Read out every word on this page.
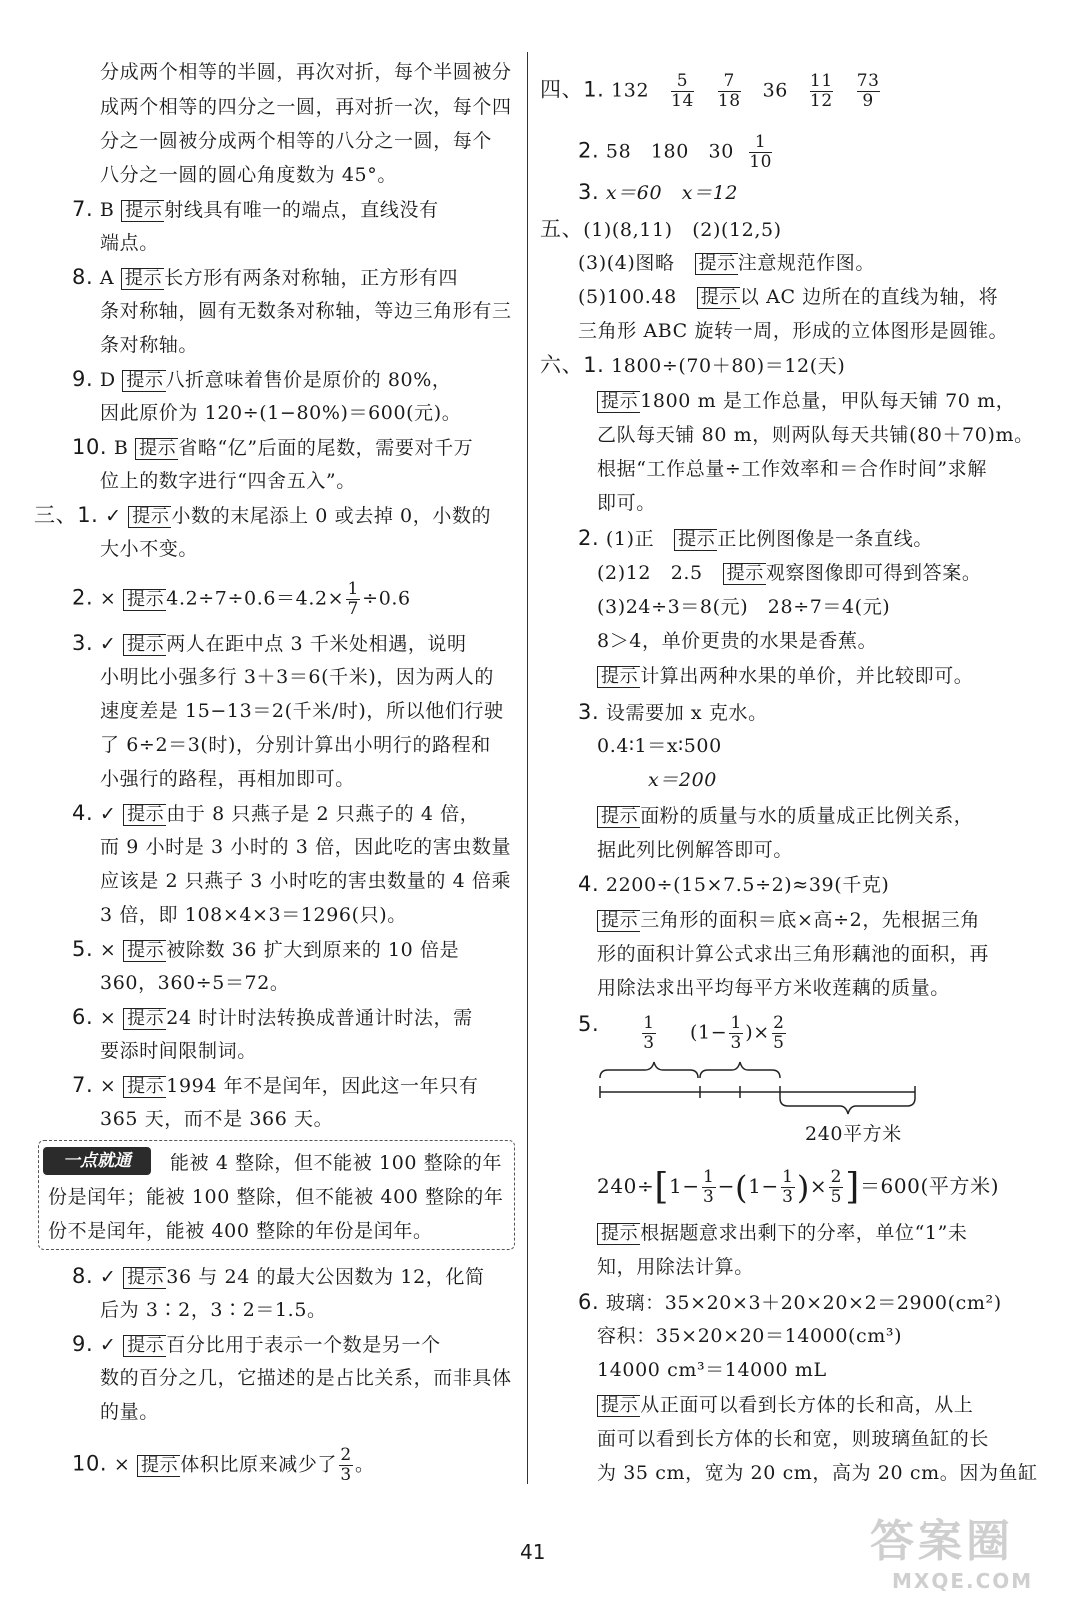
分成两个相等的半圆，再次对折，每个半圆被分
成两个相等的四分之一圆，再对折一次，每个四
分之一圆被分成两个相等的八分之一圆，每个
八分之一圆的圆心角度数为 45°。
7. B 提示 射线具有唯一的端点，直线没有
端点。
8. A 提示 长方形有两条对称轴，正方形有四
条对称轴，圆有无数条对称轴，等边三角形有三
条对称轴。
9. D 提示 八折意味着售价是原价的 80%，
因此原价为 120÷(1−80%)＝600(元)。
10. B 提示 省略“亿”后面的尾数，需要对千万
位上的数字进行“四舍五入”。
三、1. ✓ 提示 小数的末尾添上 0 或去掉 0，小数的
大小不变。
2. × 提示 $4.2\div 7\div 0.6=4.2\times \frac{1}{7} \div 0.6$
3. ✓ 提示 两人在距中点 3 千米处相遇，说明
小明比小强多行 3＋3＝6(千米)，因为两人的
速度差是 15−13＝2(千米/时)，所以他们行驶
了 6÷2＝3(时)，分别计算出小明行的路程和
小强行的路程，再相加即可。
4. ✓ 提示 由于 8 只燕子是 2 只燕子的 4 倍，
而 9 小时是 3 小时的 3 倍，因此吃的害虫数量
应该是 2 只燕子 3 小时吃的害虫数量的 4 倍乘
3 倍，即 108×4×3＝1296(只)。
5. × 提示 被除数 36 扩大到原来的 10 倍是
360，360÷5＝72。
6. × 提示 24 时计时法转换成普通计时法，需
要添时间限制词。
7. × 提示 1994 年不是闰年，因此这一年只有
365 天，而不是 366 天。
一点就通	能被 4 整除，但不能被 100 整除的年
份是闰年；能被 100 整除，但不能被 400 整除的年
份不是闰年，能被 400 整除的年份是闰年。
8. ✓ 提示 36 与 24 的最大公因数为 12，化简
后为 3∶2，3∶2＝1.5。
9. ✓ 提示 百分比用于表示一个数是另一个
数的百分之几，它描述的是占比关系，而非具体
的量。
10. × 提示 体积比原来减少了 $\frac{2}{3}$ 。
四、1. $132 \frac{5}{14}$
$\frac{7}{18} 36 \frac{11}{12}$
$\frac{73}{9}$
2. 58　180　$30 \frac{1}{10}$
3. x＝60　x＝12
五、(1)(8,11)　(2)(12,5)
(3)(4)图略 提示 注意规范作图。
(5)100.48 提示 以 AC 边所在的直线为轴，将
三角形 ABC 旋转一周，形成的立体图形是圆锥。
六、1. 1800÷(70＋80)＝12(天)
提示 1800 m 是工作总量，甲队每天铺 70 m，
乙队每天铺 80 m，则两队每天共铺(80＋70)m。
根据“工作总量÷工作效率和＝合作时间”求解
即可。
2. (1)正 提示 正比例图像是一条直线。
(2)12　2.5 提示 观察图像即可得到答案。
(3)24÷3＝8(元)　28÷7＝4(元)
8＞4，单价更贵的水果是香蕉。
提示 计算出两种水果的单价，并比较即可。
3. 设需要加 x 克水。
0.4∶1＝x∶500
x＝200
提示 面粉的质量与水的质量成正比例关系，
据此列比例解答即可。
4. 2200÷(15×7.5÷2)≈39(千克)
提示 三角形的面积＝底×高÷2，先根据三角
形的面积计算公式求出三角形藕池的面积，再
用除法求出平均每平方米收莲藕的质量。
5.	$\frac{1}{3} (1- \frac{1}{3}$ )× $\frac{2}{5}$
240平方米
$240\div[1- \frac{1}{3} -(1- \frac{1}{3}$ )× $\frac{2}{5} ]=600$(平方米)
提示 根据题意求出剩下的分率，单位“1”未
知，用除法计算。
6. 玻璃：35×20×3＋20×20×2＝2900(cm²)
容积：35×20×20＝14000(cm³)
14000 cm³＝14000 mL
提示 从正面可以看到长方体的长和高，从上
面可以看到长方体的长和宽，则玻璃鱼缸的长
为 35 cm，宽为 20 cm，高为 20 cm。因为鱼缸
41	答案圈
MXQE.COM
